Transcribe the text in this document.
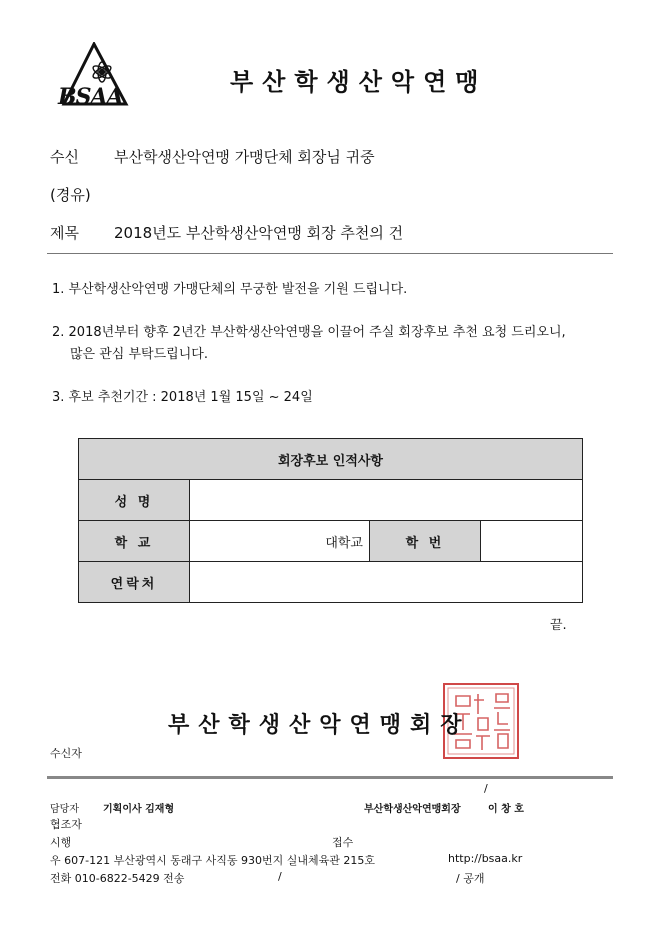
BSAA
부산학생산악연맹
수신 부산학생산악연맹 가맹단체 회장님 귀중
(경유)
제목 2018년도 부산학생산악연맹 회장 추천의 건
1. 부산학생산악연맹 가맹단체의 무궁한 발전을 기원 드립니다.
2. 2018년부터 향후 2년간 부산학생산악연맹을 이끌어 주실 회장후보 추천 요청 드리오니,
많은 관심 부탁드립니다.
3. 후보 추천기간 : 2018년 1월 15일 ~ 24일
회장후보 인적사항			
성 명			
학 교	대학교	학 번	
연락처			
끝.
부산학생산악연맹회장
수신자
/
담당자 기획이사 김재형	부산학생산악연맹회장	이 창 호
협조자
시행	접수
우 607-121 부산광역시 동래구 사직동 930번지 실내체육관 215호	http://bsaa.kr
전화 010-6822-5429 전송	/	/ 공개
